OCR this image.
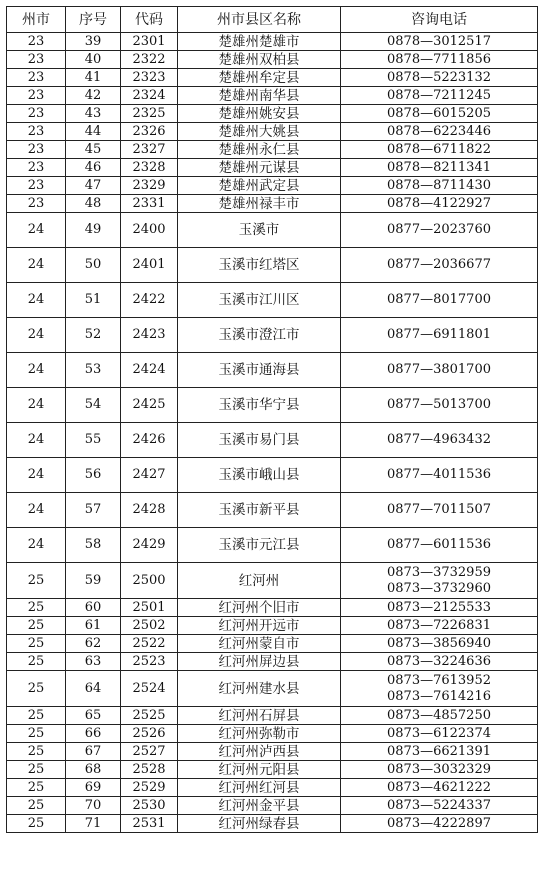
州市	序号	代码	州市县区名称	咨询电话
23	39	2301	楚雄州楚雄市	0878—3012517
23	40	2322	楚雄州双柏县	0878—7711856
23	41	2323	楚雄州牟定县	0878—5223132
23	42	2324	楚雄州南华县	0878—7211245
23	43	2325	楚雄州姚安县	0878—6015205
23	44	2326	楚雄州大姚县	0878—6223446
23	45	2327	楚雄州永仁县	0878—6711822
23	46	2328	楚雄州元谋县	0878—8211341
23	47	2329	楚雄州武定县	0878—8711430
23	48	2331	楚雄州禄丰市	0878—4122927
24	49	2400	玉溪市	0877—2023760
24	50	2401	玉溪市红塔区	0877—2036677
24	51	2422	玉溪市江川区	0877—8017700
24	52	2423	玉溪市澄江市	0877—6911801
24	53	2424	玉溪市通海县	0877—3801700
24	54	2425	玉溪市华宁县	0877—5013700
24	55	2426	玉溪市易门县	0877—4963432
24	56	2427	玉溪市峨山县	0877—4011536
24	57	2428	玉溪市新平县	0877—7011507
24	58	2429	玉溪市元江县	0877—6011536
25	59	2500	红河州	0873—3732959
0873—3732960

25	60	2501	红河州个旧市	0873—2125533
25	61	2502	红河州开远市	0873—7226831
25	62	2522	红河州蒙自市	0873—3856940
25	63	2523	红河州屏边县	0873—3224636
25	64	2524	红河州建水县	0873—7613952
0873—7614216

25	65	2525	红河州石屏县	0873—4857250
25	66	2526	红河州弥勒市	0873—6122374
25	67	2527	红河州泸西县	0873—6621391
25	68	2528	红河州元阳县	0873—3032329
25	69	2529	红河州红河县	0873—4621222
25	70	2530	红河州金平县	0873—5224337
25	71	2531	红河州绿春县	0873—4222897
